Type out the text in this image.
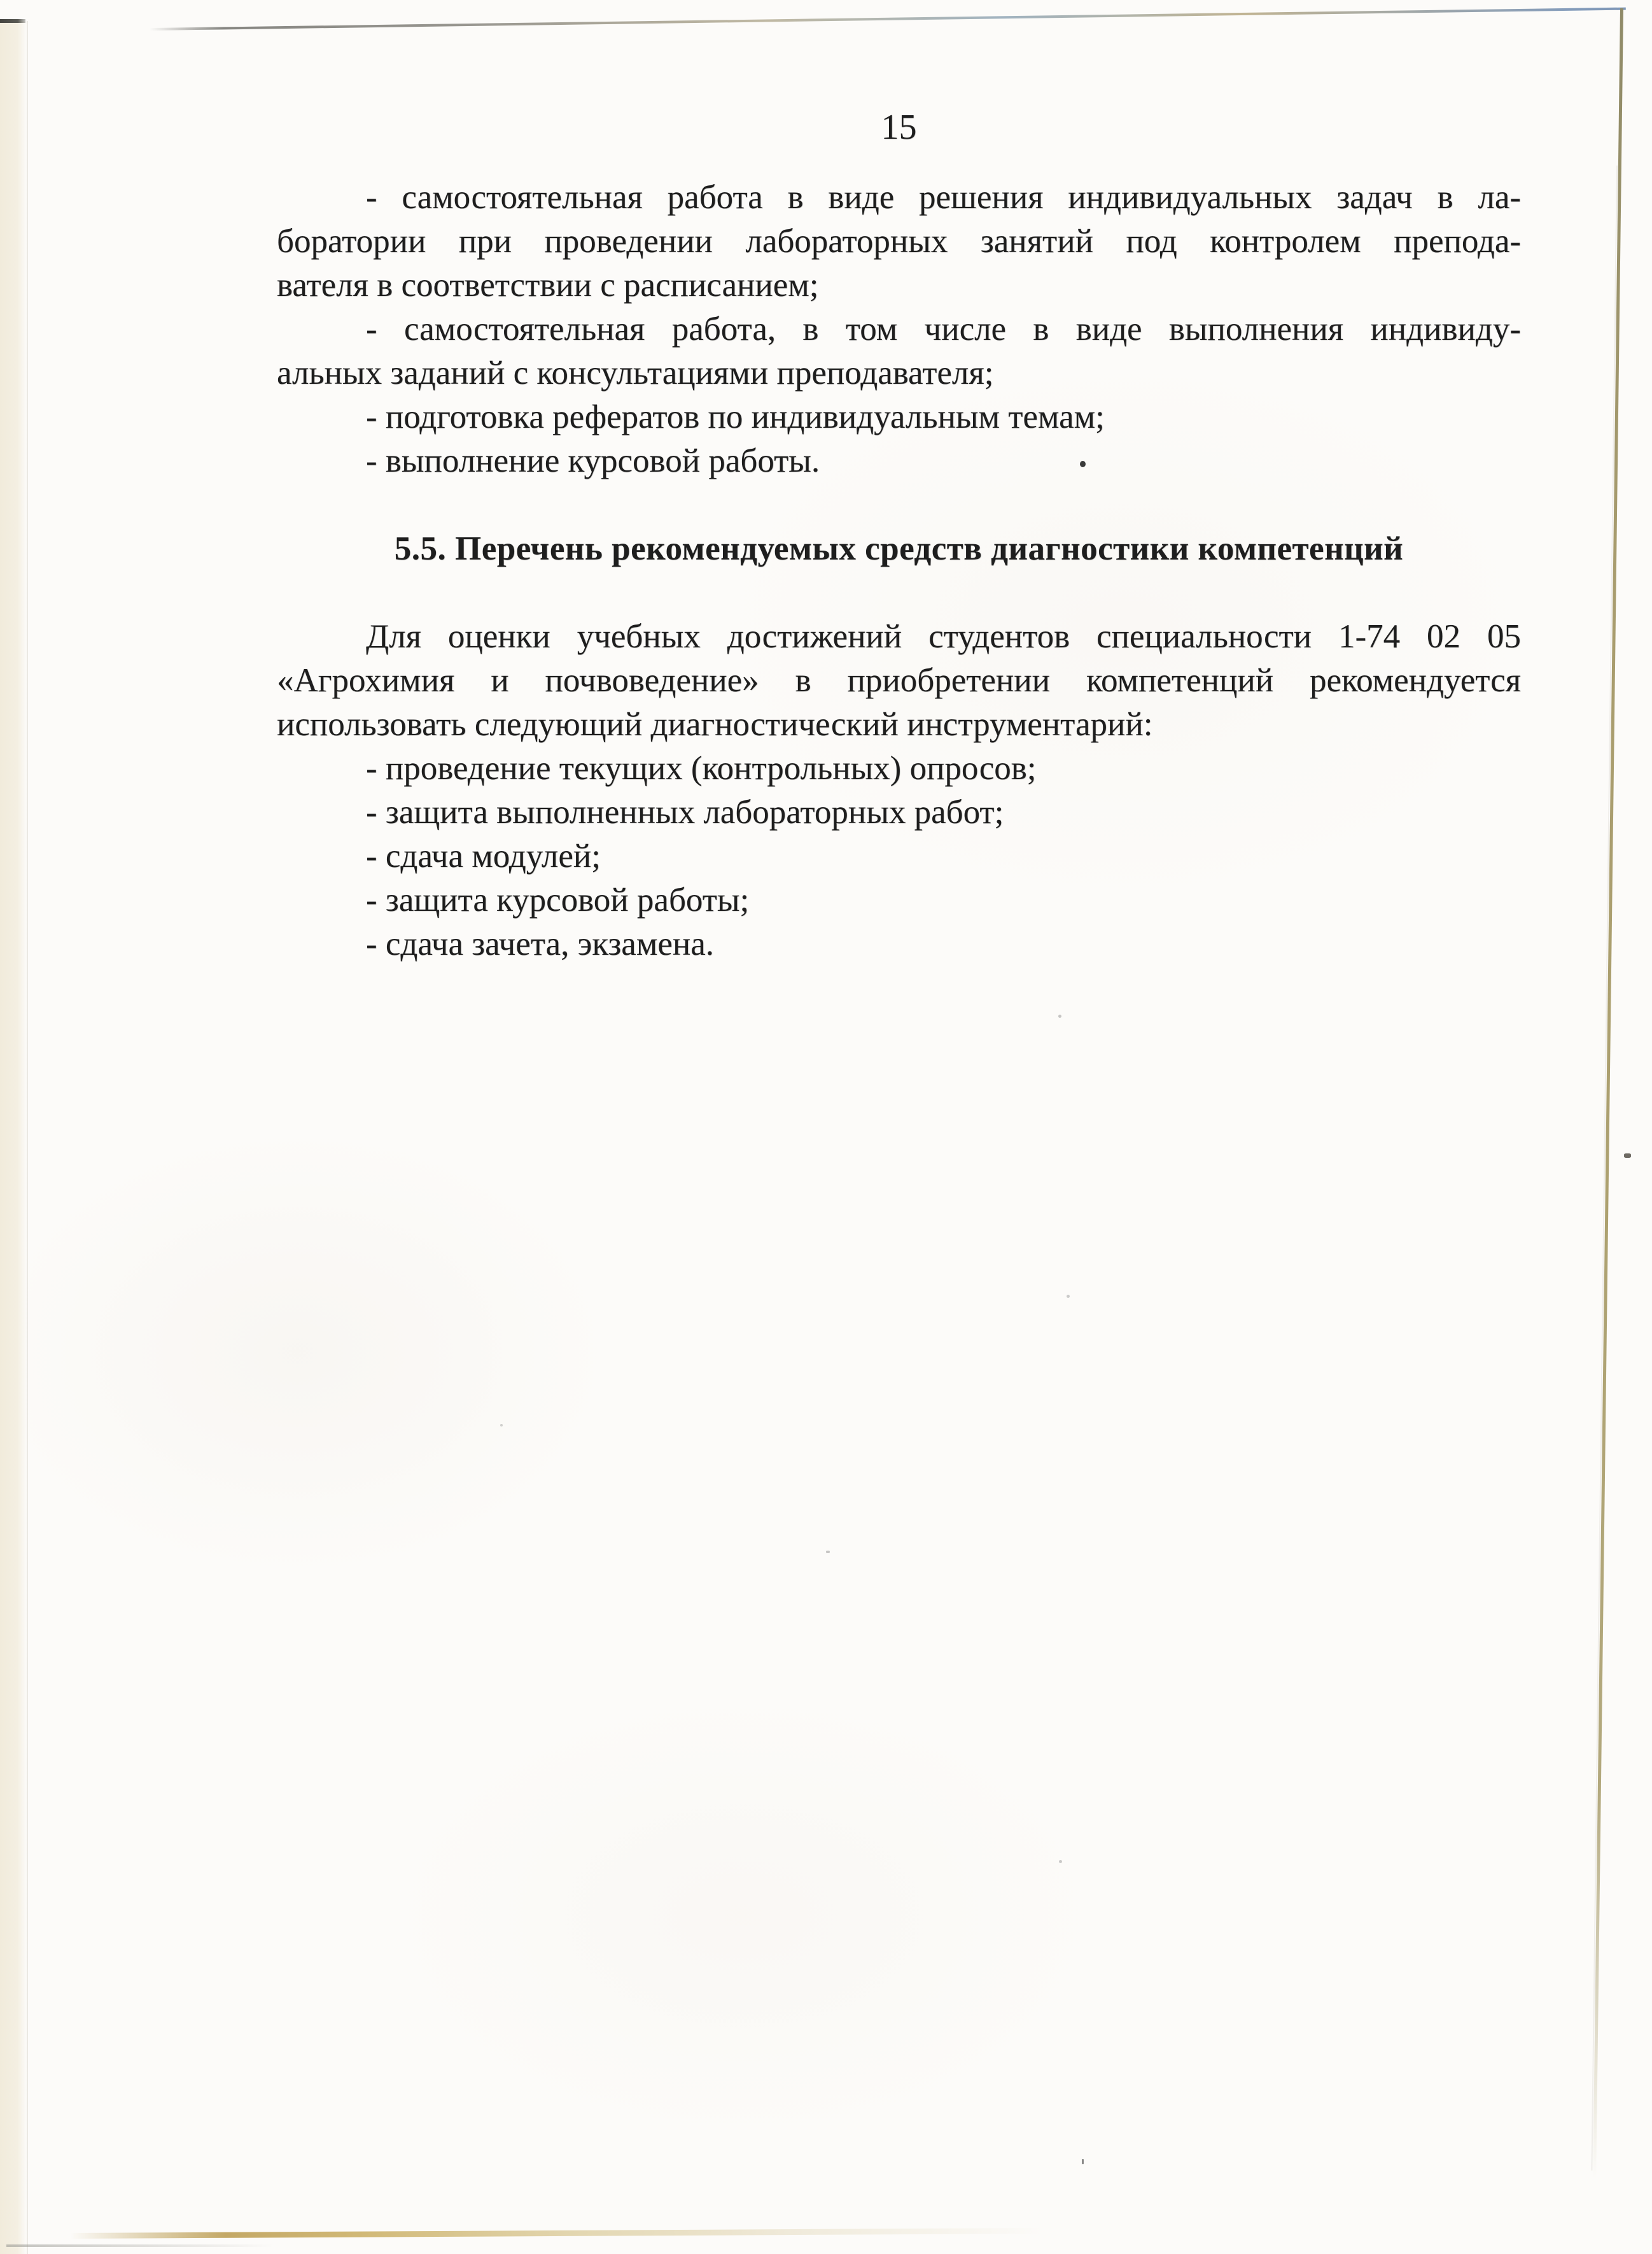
15
- самостоятельная работа в виде решения индивидуальных задач в ла-
боратории при проведении лабораторных занятий под контролем препода-
вателя в соответствии с расписанием;
- самостоятельная работа, в том числе в виде выполнения индивиду-
альных заданий с консультациями преподавателя;
- подготовка рефератов по индивидуальным темам;
- выполнение курсовой работы.
5.5. Перечень рекомендуемых средств диагностики компетенций
Для оценки учебных достижений студентов специальности 1-74 02 05
«Агрохимия и почвоведение» в приобретении компетенций рекомендуется
использовать следующий диагностический инструментарий:
- проведение текущих (контрольных) опросов;
- защита выполненных лабораторных работ;
- сдача модулей;
- защита курсовой работы;
- сдача зачета, экзамена.
